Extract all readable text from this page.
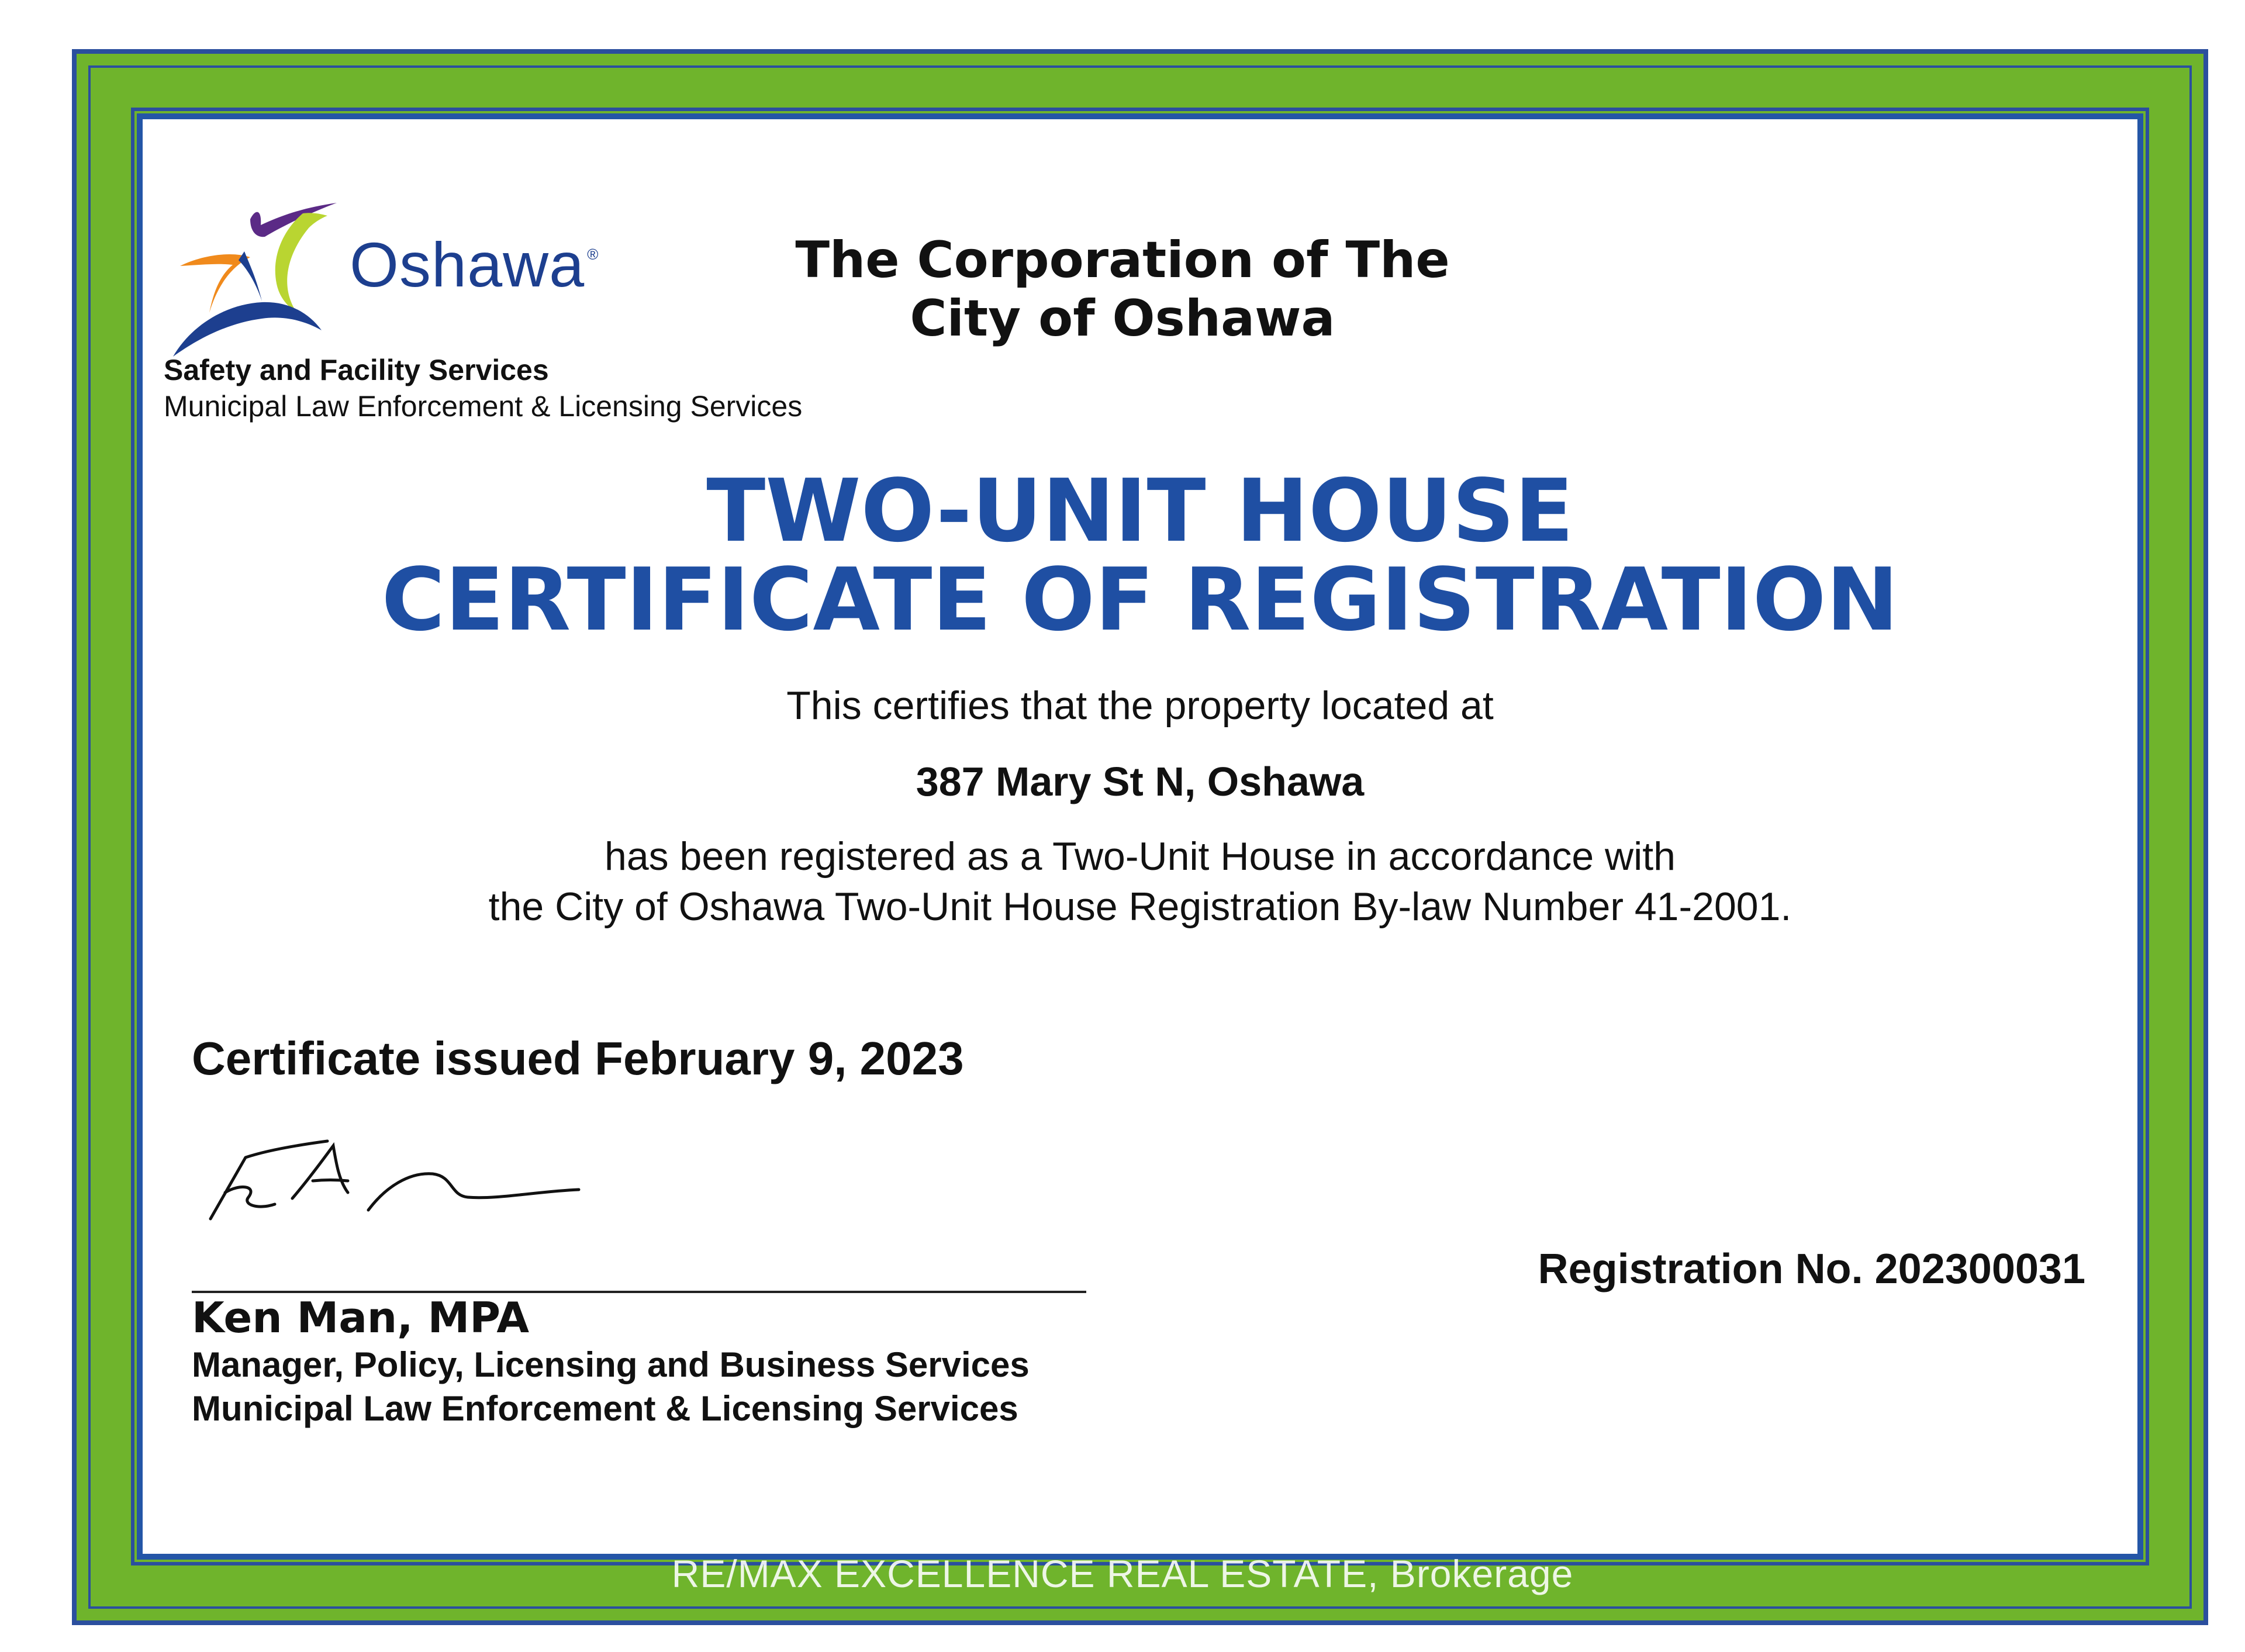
Oshawa ®
Safety and Facility Services
Municipal Law Enforcement & Licensing Services
The Corporation of The
City of Oshawa
TWO-UNIT HOUSE
CERTIFICATE OF REGISTRATION
This certifies that the property located at
387 Mary St N, Oshawa
has been registered as a Two-Unit House in accordance with
the City of Oshawa Two-Unit House Registration By-law Number 41-2001.
Certificate issued February 9, 2023
Ken Man, MPA
Manager, Policy, Licensing and Business Services
Municipal Law Enforcement & Licensing Services
Registration No. 202300031
RE/MAX EXCELLENCE REAL ESTATE, Brokerage
